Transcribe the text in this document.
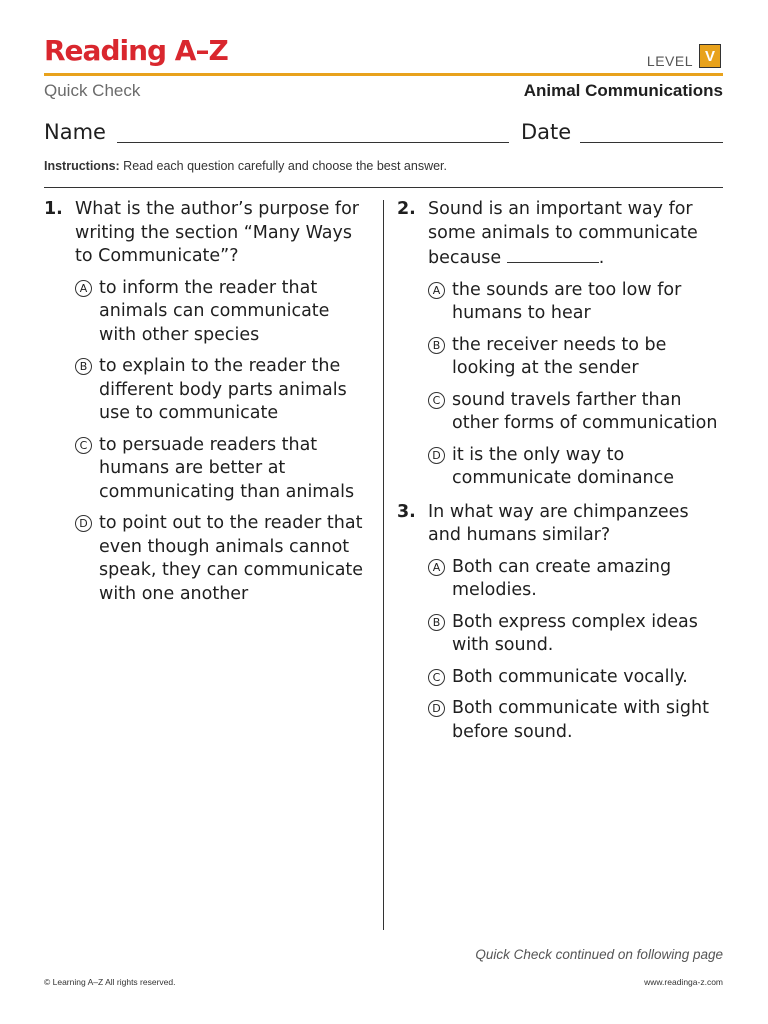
Reading A–Z	LEVEL V
Quick Check	Animal Communications
Name	Date
Instructions: Read each question carefully and choose the best answer.
1. What is the author’s purpose for writing the section “Many Ways to Communicate”?
A to inform the reader that animals can communicate with other species
B to explain to the reader the different body parts animals use to communicate
C to persuade readers that humans are better at communicating than animals
D to point out to the reader that even though animals cannot speak, they can communicate with one another
2. Sound is an important way for some animals to communicate because	.
A the sounds are too low for humans to hear
B the receiver needs to be looking at the sender
C sound travels farther than other forms of communication
D it is the only way to communicate dominance
3. In what way are chimpanzees and humans similar?
A Both can create amazing melodies.
B Both express complex ideas with sound.
C Both communicate vocally.
D Both communicate with sight before sound.
Quick Check continued on following page
© Learning A–Z All rights reserved.	www.readinga-z.com
